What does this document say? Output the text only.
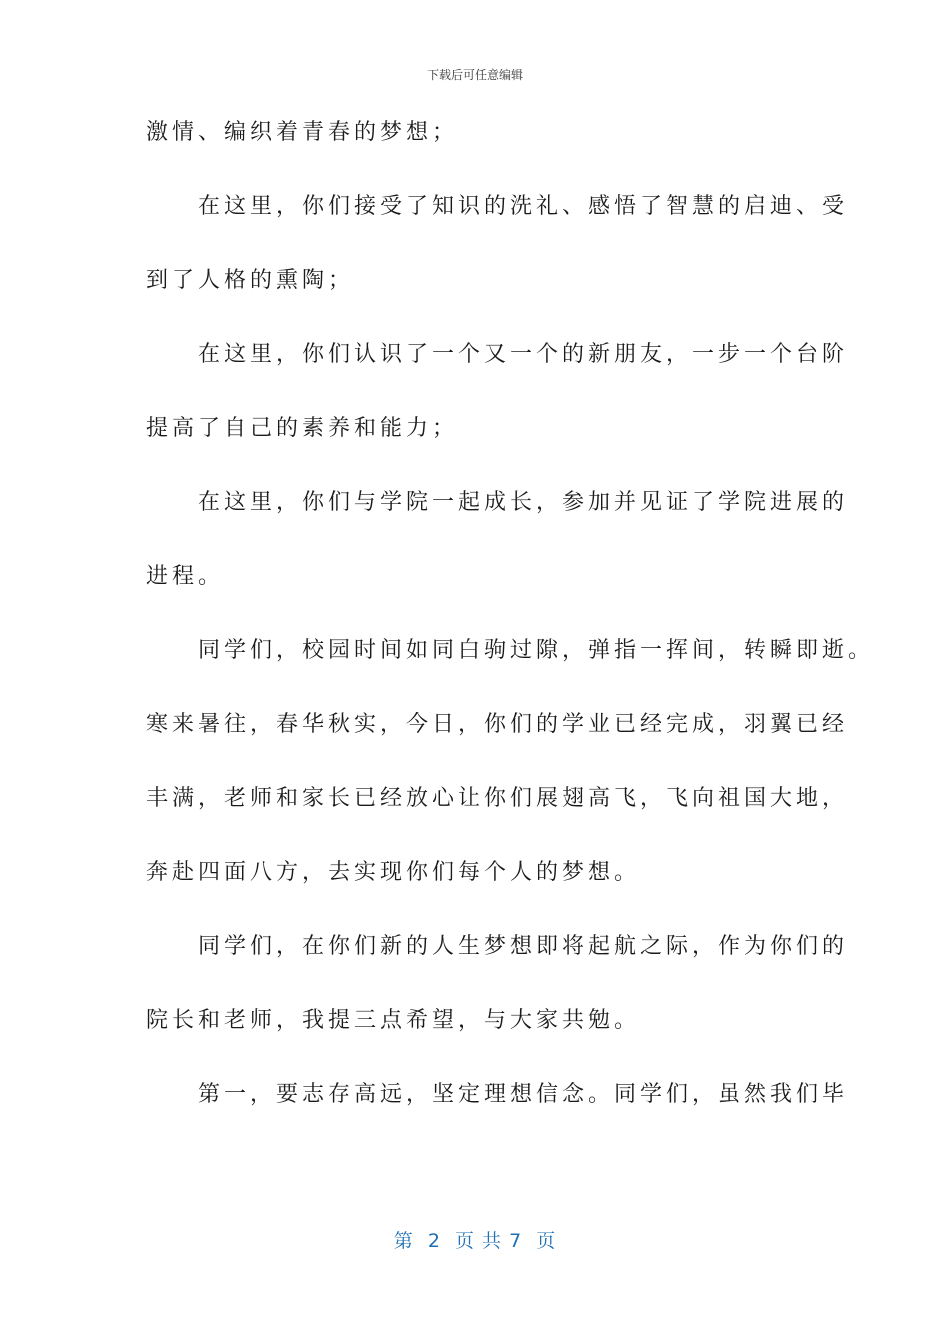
下载后可任意编辑
激情、编织着青春的梦想；
　　在这里，你们接受了知识的洗礼、感悟了智慧的启迪、受
到了人格的熏陶；
　　在这里，你们认识了一个又一个的新朋友，一步一个台阶
提高了自己的素养和能力；
　　在这里，你们与学院一起成长，参加并见证了学院进展的
进程。
　　同学们，校园时间如同白驹过隙，弹指一挥间，转瞬即逝。
寒来暑往，春华秋实，今日，你们的学业已经完成，羽翼已经
丰满，老师和家长已经放心让你们展翅高飞，飞向祖国大地，
奔赴四面八方，去实现你们每个人的梦想。
　　同学们，在你们新的人生梦想即将起航之际，作为你们的
院长和老师，我提三点希望，与大家共勉。
　　第一，要志存高远，坚定理想信念。同学们，虽然我们毕
第  2  页 共 7  页
